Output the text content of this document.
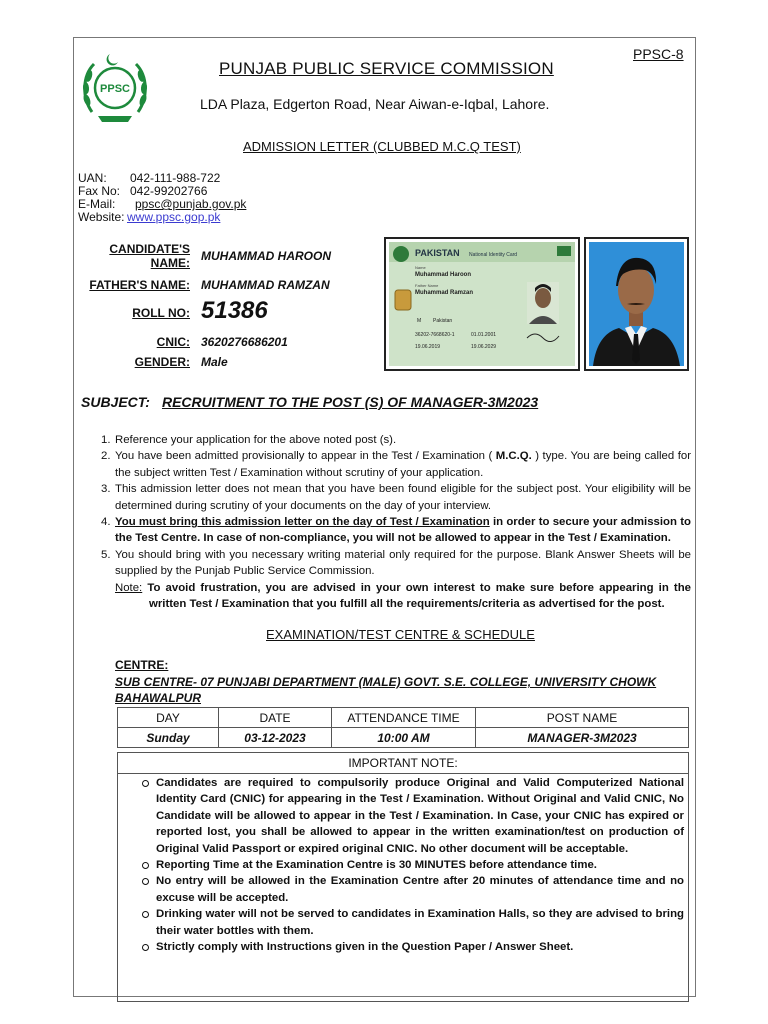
PPSC
PPSC-8
PUNJAB PUBLIC SERVICE COMMISSION
LDA Plaza, Edgerton Road, Near Aiwan-e-Iqbal, Lahore.
ADMISSION LETTER (CLUBBED M.C.Q TEST)
UAN: 042-111-988-722
Fax No: 042-99202766
E-Mail: ppsc@punjab.gov.pk
Website: www.ppsc.gop.pk
CANDIDATE'S
NAME: MUHAMMAD HAROON
FATHER'S NAME: MUHAMMAD RAMZAN
ROLL NO: 51386
CNIC: 3620276686201
GENDER: Male
PAKISTAN National Identity Card
Name
Muhammad Haroon
Father Name
Muhammad Ramzan
M Pakistan
36202-7668620-1	01.01.2001
19.06.2019	19.06.2029
SUBJECT: RECRUITMENT TO THE POST (S) OF MANAGER-3M2023
1. Reference your application for the above noted post (s).
2. You have been admitted provisionally to appear in the Test / Examination ( M.C.Q. ) type. You are being called for the subject written Test / Examination without scrutiny of your application.
3. This admission letter does not mean that you have been found eligible for the subject post. Your eligibility will be determined during scrutiny of your documents on the day of your interview.
4. You must bring this admission letter on the day of Test / Examination in order to secure your admission to the Test Centre. In case of non-compliance, you will not be allowed to appear in the Test / Examination.
5. You should bring with you necessary writing material only required for the purpose. Blank Answer Sheets will be supplied by the Punjab Public Service Commission.
Note: To avoid frustration, you are advised in your own interest to make sure before appearing in the written Test / Examination that you fulfill all the requirements/criteria as advertised for the post.
EXAMINATION/TEST CENTRE & SCHEDULE
CENTRE:
SUB CENTRE- 07 PUNJABI DEPARTMENT (MALE) GOVT. S.E. COLLEGE, UNIVERSITY CHOWK BAHAWALPUR
DAY	DATE	ATTENDANCE TIME	POST NAME
Sunday	03-12-2023	10:00 AM	MANAGER-3M2023
IMPORTANT NOTE:
Candidates are required to compulsorily produce Original and Valid Computerized National Identity Card (CNIC) for appearing in the Test / Examination. Without Original and Valid CNIC, No Candidate will be allowed to appear in the Test / Examination. In Case, your CNIC has expired or reported lost, you shall be allowed to appear in the written examination/test on production of Original Valid Passport or expired original CNIC. No other document will be acceptable.
Reporting Time at the Examination Centre is 30 MINUTES before attendance time.
No entry will be allowed in the Examination Centre after 20 minutes of attendance time and no excuse will be accepted.
Drinking water will not be served to candidates in Examination Halls, so they are advised to bring their water bottles with them.
Strictly comply with Instructions given in the Question Paper / Answer Sheet.
